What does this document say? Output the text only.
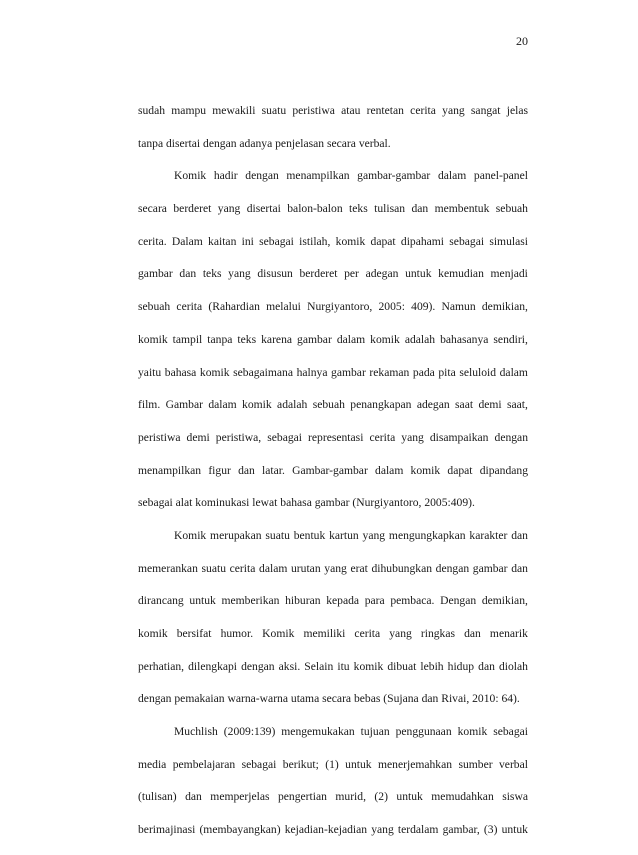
20
sudah mampu mewakili suatu peristiwa atau rentetan cerita yang sangat jelas
tanpa disertai dengan adanya penjelasan secara verbal.
Komik hadir dengan menampilkan gambar-gambar dalam panel-panel
secara berderet yang disertai balon-balon teks tulisan dan membentuk sebuah
cerita. Dalam kaitan ini sebagai istilah, komik dapat dipahami sebagai simulasi
gambar dan teks yang disusun berderet per adegan untuk kemudian menjadi
sebuah cerita (Rahardian melalui Nurgiyantoro, 2005: 409). Namun demikian,
komik tampil tanpa teks karena gambar dalam komik adalah bahasanya sendiri,
yaitu bahasa komik sebagaimana halnya gambar rekaman pada pita seluloid dalam
film. Gambar dalam komik adalah sebuah penangkapan adegan saat demi saat,
peristiwa demi peristiwa, sebagai representasi cerita yang disampaikan dengan
menampilkan figur dan latar. Gambar-gambar dalam komik dapat dipandang
sebagai alat kominukasi lewat bahasa gambar (Nurgiyantoro, 2005:409).
Komik merupakan suatu bentuk kartun yang mengungkapkan karakter dan
memerankan suatu cerita dalam urutan yang erat dihubungkan dengan gambar dan
dirancang untuk memberikan hiburan kepada para pembaca. Dengan demikian,
komik bersifat humor. Komik memiliki cerita yang ringkas dan menarik
perhatian, dilengkapi dengan aksi. Selain itu komik dibuat lebih hidup dan diolah
dengan pemakaian warna-warna utama secara bebas (Sujana dan Rivai, 2010: 64).
Muchlish (2009:139) mengemukakan tujuan penggunaan komik sebagai
media pembelajaran sebagai berikut; (1) untuk menerjemahkan sumber verbal
(tulisan) dan memperjelas pengertian murid, (2) untuk memudahkan siswa
berimajinasi (membayangkan) kejadian-kejadian yang terdalam gambar, (3) untuk
